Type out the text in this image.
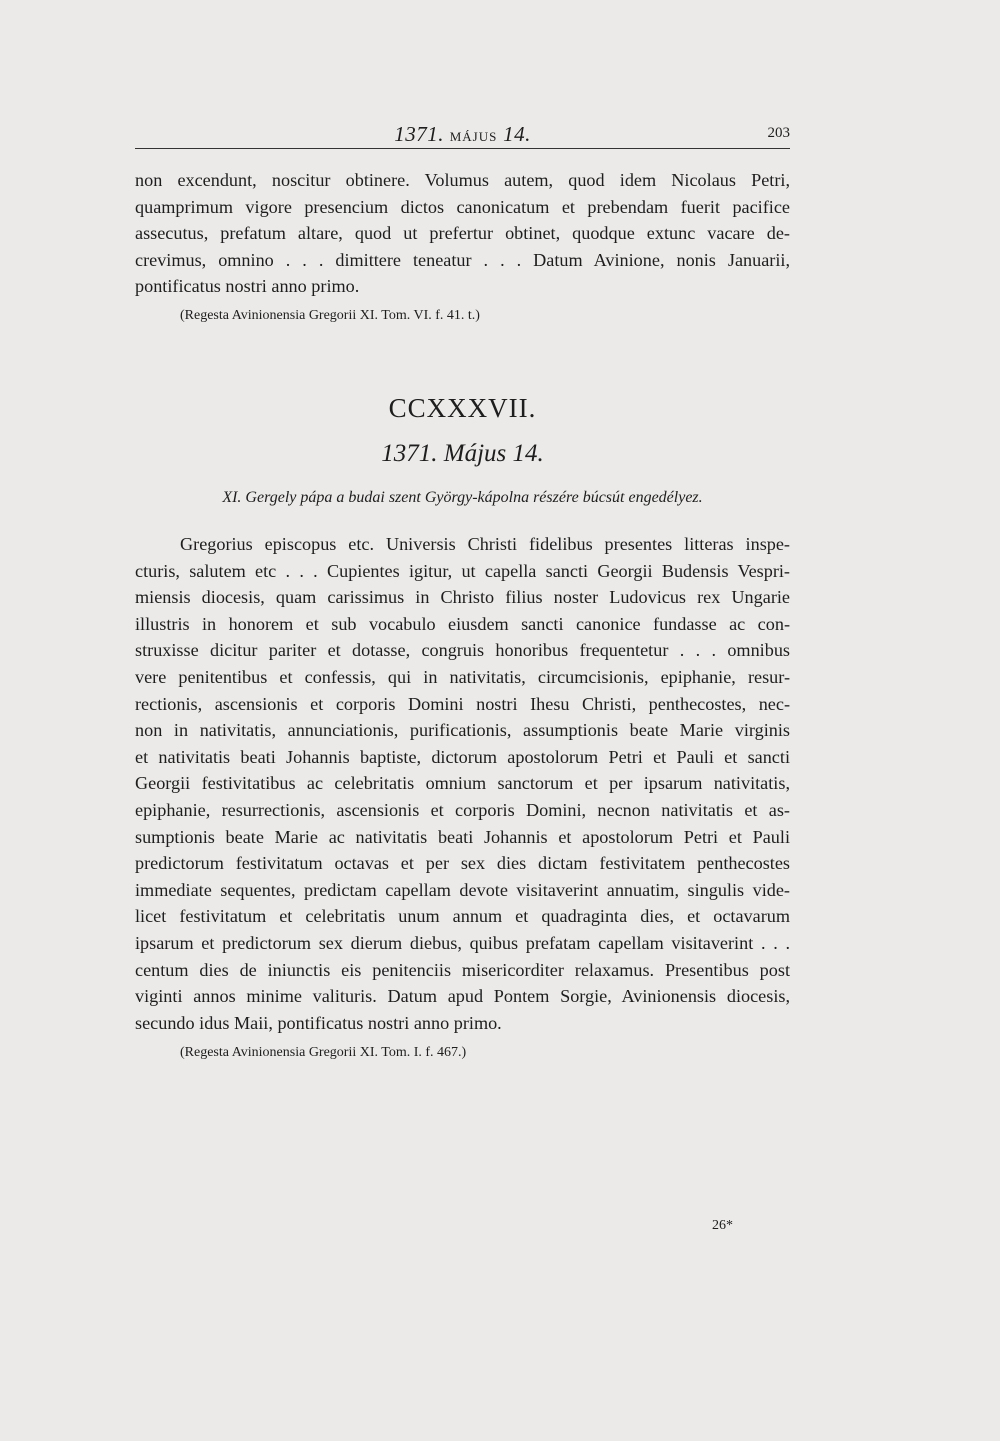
1371. MÁJUS 14.	203
non excendunt, noscitur obtinere. Volumus autem, quod idem Nicolaus Petri,
quamprimum vigore presencium dictos canonicatum et prebendam fuerit pacifice
assecutus, prefatum altare, quod ut prefertur obtinet, quodque extunc vacare de-
crevimus, omnino . . . dimittere teneatur . . . Datum Avinione, nonis Januarii,
pontificatus nostri anno primo.
(Regesta Avinionensia Gregorii XI. Tom. VI. f. 41. t.)
CCXXXVII.
1371. Május 14.
XI. Gergely pápa a budai szent György-kápolna részére búcsút engedélyez.
Gregorius episcopus etc. Universis Christi fidelibus presentes litteras inspe-
cturis, salutem etc . . . Cupientes igitur, ut capella sancti Georgii Budensis Vespri-
miensis diocesis, quam carissimus in Christo filius noster Ludovicus rex Ungarie
illustris in honorem et sub vocabulo eiusdem sancti canonice fundasse ac con-
struxisse dicitur pariter et dotasse, congruis honoribus frequentetur . . . omnibus
vere penitentibus et confessis, qui in nativitatis, circumcisionis, epiphanie, resur-
rectionis, ascensionis et corporis Domini nostri Ihesu Christi, penthecostes, nec-
non in nativitatis, annunciationis, purificationis, assumptionis beate Marie virginis
et nativitatis beati Johannis baptiste, dictorum apostolorum Petri et Pauli et sancti
Georgii festivitatibus ac celebritatis omnium sanctorum et per ipsarum nativitatis,
epiphanie, resurrectionis, ascensionis et corporis Domini, necnon nativitatis et as-
sumptionis beate Marie ac nativitatis beati Johannis et apostolorum Petri et Pauli
predictorum festivitatum octavas et per sex dies dictam festivitatem penthecostes
immediate sequentes, predictam capellam devote visitaverint annuatim, singulis vide-
licet festivitatum et celebritatis unum annum et quadraginta dies, et octavarum
ipsarum et predictorum sex dierum diebus, quibus prefatam capellam visitaverint . . .
centum dies de iniunctis eis penitenciis misericorditer relaxamus. Presentibus post
viginti annos minime valituris. Datum apud Pontem Sorgie, Avinionensis diocesis,
secundo idus Maii, pontificatus nostri anno primo.
(Regesta Avinionensia Gregorii XI. Tom. I. f. 467.)
26*
